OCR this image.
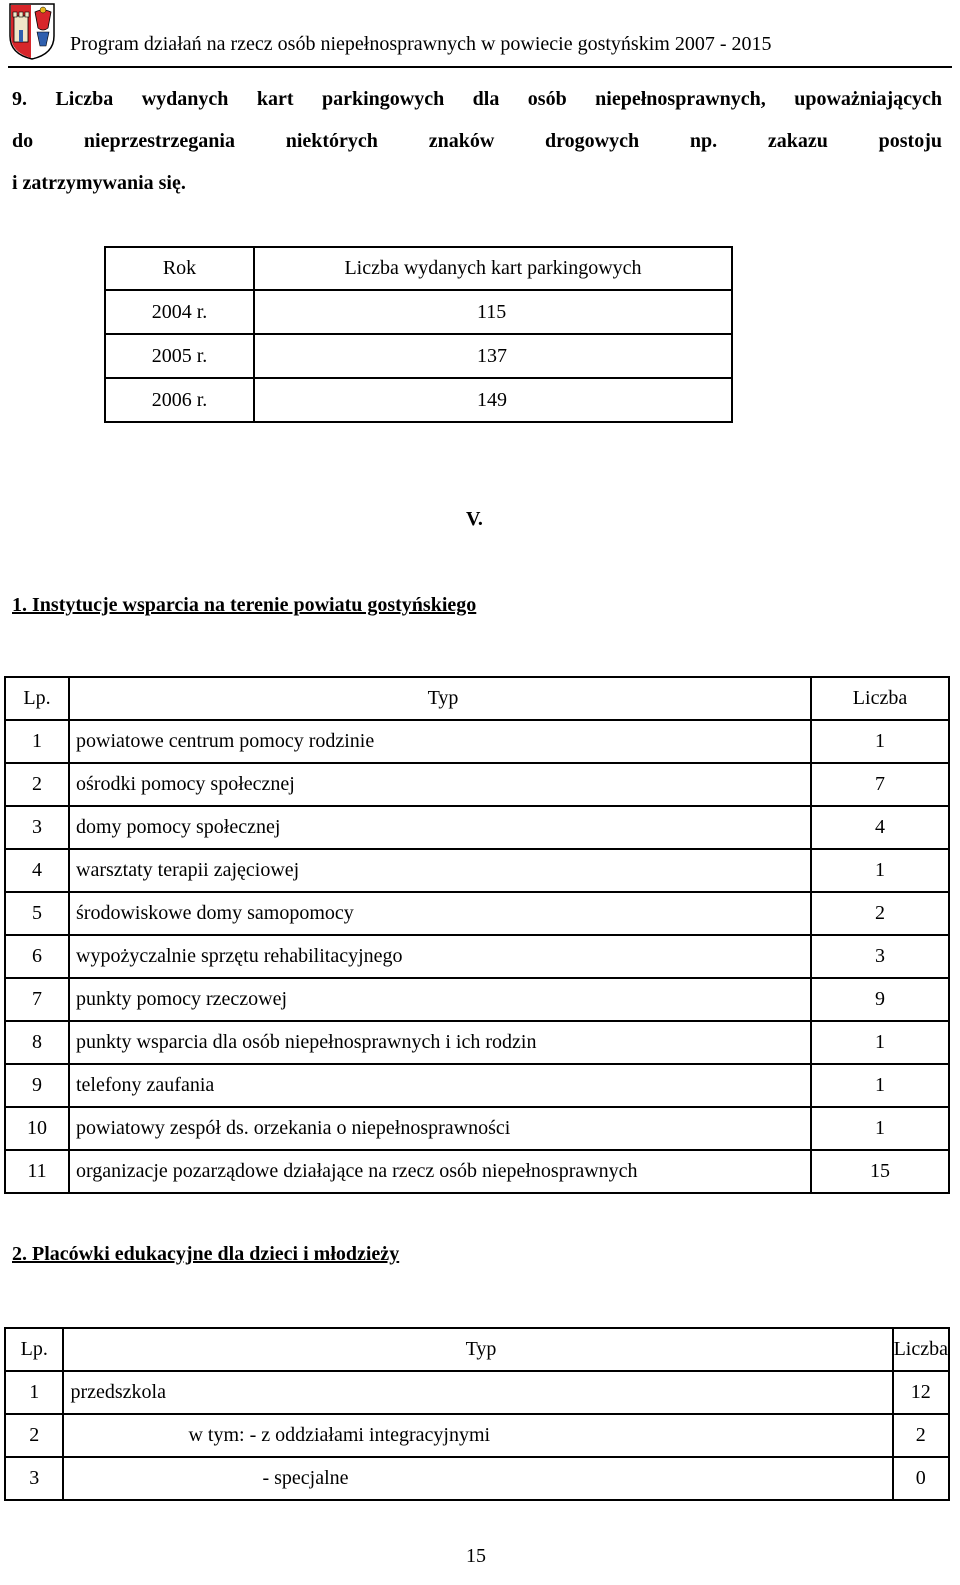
Program działań na rzecz osób niepełnosprawnych w powiecie gostyńskim 2007 - 2015
9. Liczba wydanych kart parkingowych dla osób niepełnosprawnych, upoważniających
do nieprzestrzegania niektórych znaków drogowych np. zakazu postoju
i zatrzymywania się.
Rok	Liczba wydanych kart parkingowych
2004 r.	115
2005 r.	137
2006 r.	149
V.
1. Instytucje wsparcia na terenie powiatu gostyńskiego
Lp.	Typ	Liczba
1	powiatowe centrum pomocy rodzinie	1
2	ośrodki pomocy społecznej	7
3	domy pomocy społecznej	4
4	warsztaty terapii zajęciowej	1
5	środowiskowe domy samopomocy	2
6	wypożyczalnie sprzętu rehabilitacyjnego	3
7	punkty pomocy rzeczowej	9
8	punkty wsparcia dla osób niepełnosprawnych i ich rodzin	1
9	telefony zaufania	1
10	powiatowy zespół ds. orzekania o niepełnosprawności	1
11	organizacje pozarządowe działające na rzecz osób niepełnosprawnych	15
2. Placówki edukacyjne dla dzieci i młodzieży
Lp.	Typ	Liczba
1	przedszkola	12
2	w tym: - z oddziałami integracyjnymi	2
3	- specjalne	0
15
